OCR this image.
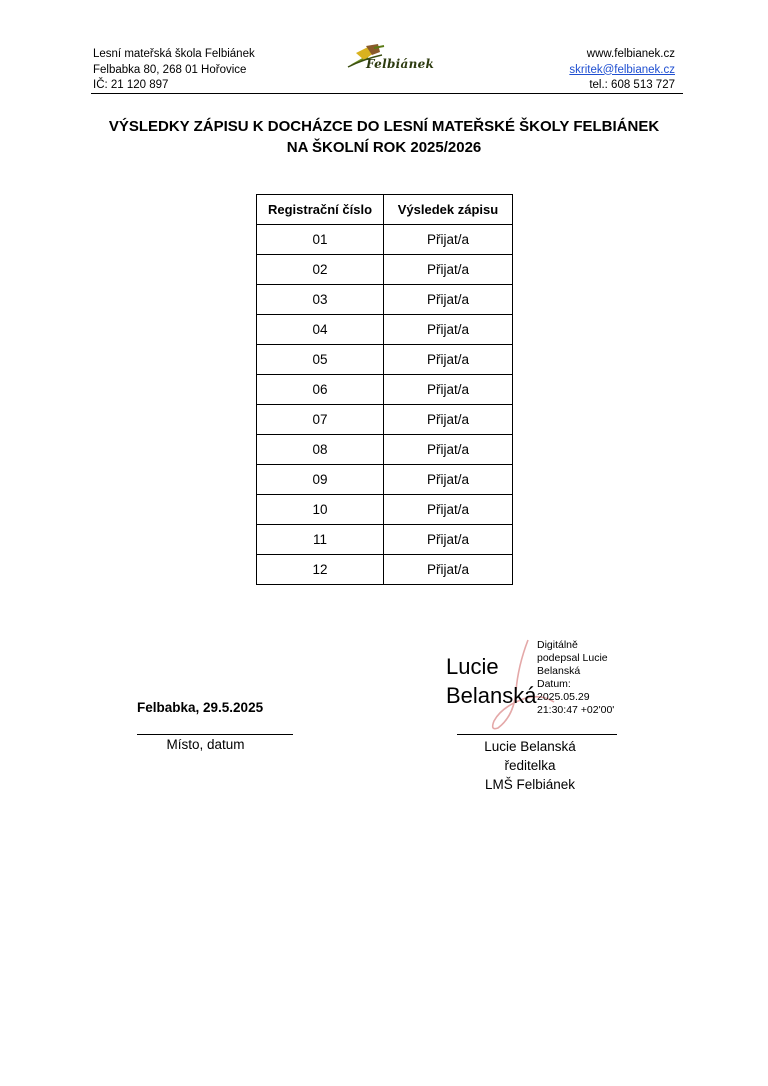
Lesní mateřská škola Felbiánek
Felbabka 80, 268 01 Hořovice
IČ: 21 120 897
Felbiánek
www.felbianek.cz
skritek@felbianek.cz
tel.: 608 513 727
VÝSLEDKY ZÁPISU K DOCHÁZCE DO LESNÍ MATEŘSKÉ ŠKOLY FELBIÁNEK
NA ŠKOLNÍ ROK 2025/2026
Registrační číslo	Výsledek zápisu
01	Přijat/a
02	Přijat/a
03	Přijat/a
04	Přijat/a
05	Přijat/a
06	Přijat/a
07	Přijat/a
08	Přijat/a
09	Přijat/a
10	Přijat/a
11	Přijat/a
12	Přijat/a
Felbabka, 29.5.2025
Místo, datum
Lucie
Belanská
Digitálně
podepsal Lucie
Belanská
Datum:
2025.05.29
21:30:47 +02'00'
Lucie Belanská
ředitelka
LMŠ Felbiánek
